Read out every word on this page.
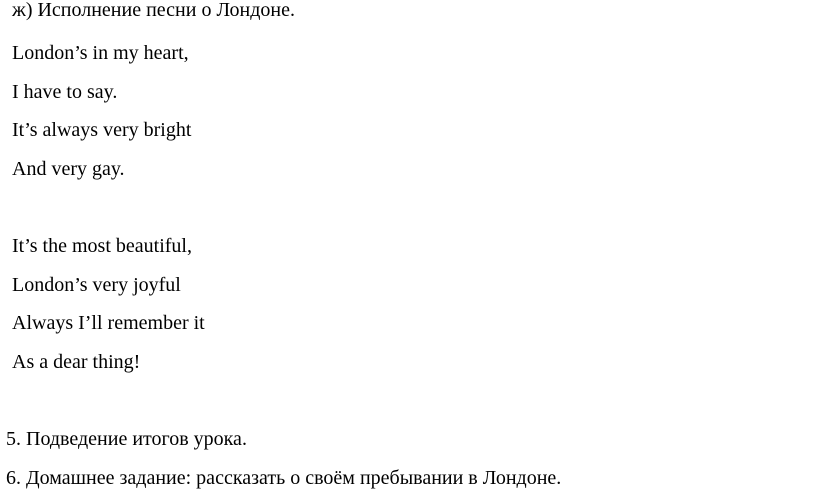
ж) Исполнение песни о Лондоне.
London’s in my heart,
I have to say.
It’s always very bright
And very gay.
It’s the most beautiful,
London’s very joyful
Always I’ll remember it
As a dear thing!
5. Подведение итогов урока.
6. Домашнее задание: рассказать о своём пребывании в Лондоне.
